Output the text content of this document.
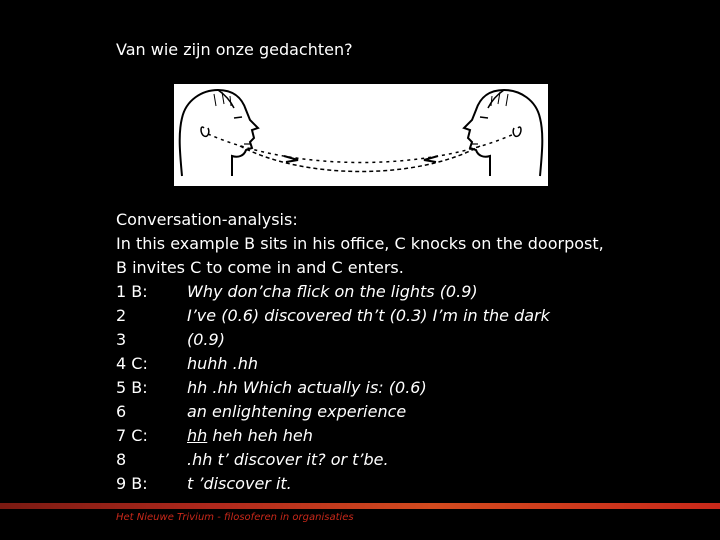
Van wie zijn onze gedachten?
Conversation-analysis:
In this example B sits in his office, C knocks on the doorpost,
B invites C to come in and C enters.
1 B:	Why don’cha flick on the lights (0.9)
2	I’ve (0.6) discovered th’t (0.3) I’m in the dark
3	(0.9)
4 C:	huhh .hh
5 B:	hh .hh Which actually is: (0.6)
6	an enlightening experience
7 C:	hh heh heh heh
8	.hh t’ discover it? or t’be.
9 B:	t ’discover it.
Het Nieuwe Trivium - filosoferen in organisaties
